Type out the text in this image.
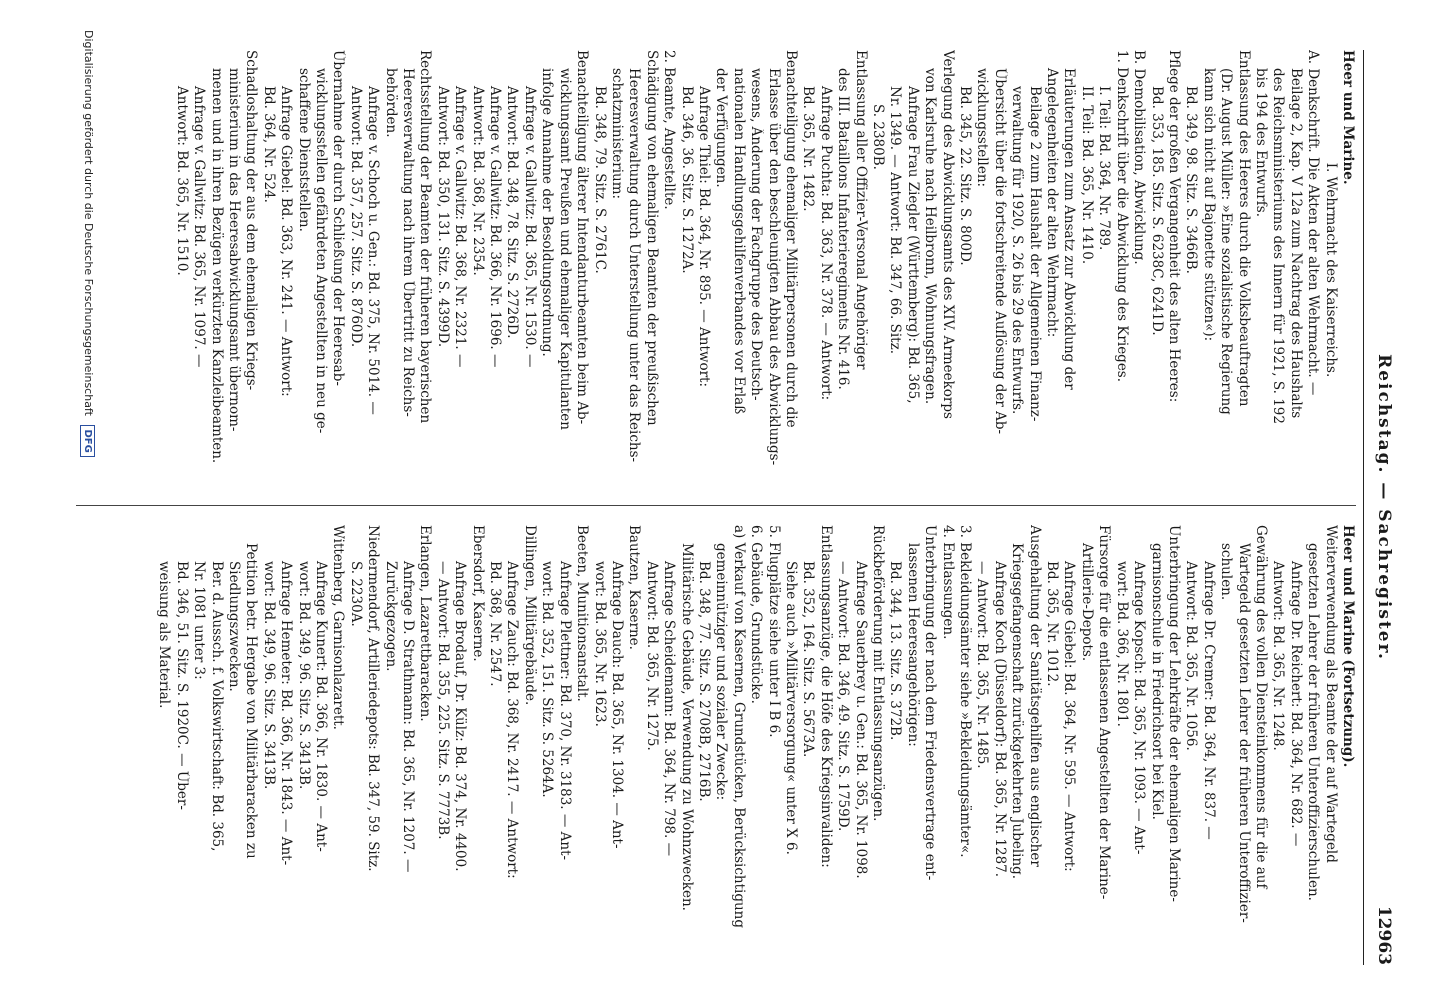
Reichstag. — Sachregister.
12963
Heer und Marine.
I. Wehrmacht des Kaiserreichs.
A. Denkschrift. Die Akten der alten Wehrmacht. —
Beilage 2, Kap. V 12a zum Nachtrag des Haushalts
des Reichsministeriums des Innern für 1921, S. 192
bis 194 des Entwurfs.
Entlassung des Heeres durch die Volksbeauftragten
(Dr. August Müller: »Eine sozialistische Regierung
kann sich nicht auf Bajonette stützen«):
Bd. 349, 98. Sitz. S. 3466B.
Pflege der großen Vergangenheit des alten Heeres:
Bd. 353, 185. Sitz. S. 6238C, 6241D.
B. Demobilisation, Abwicklung.
1. Denkschrift über die Abwicklung des Krieges.
I. Teil: Bd. 364, Nr. 789.
II. Teil: Bd. 365, Nr. 1410.
Erläuterungen zum Ansatz zur Abwicklung der
Angelegenheiten der alten Wehrmacht:
Beilage 2 zum Haushalt der Allgemeinen Finanz-
verwaltung für 1920, S. 26 bis 29 des Entwurfs.
Übersicht über die fortschreitende Auflösung der Ab-
wicklungsstellen:
Bd. 345, 22. Sitz. S. 800D.
Verlegung des Abwicklungsamts des XIV. Armeekorps
von Karlsruhe nach Heilbronn, Wohnungsfragen.
Anfrage Frau Ziegler (Württemberg): Bd. 365,
Nr. 1349. — Antwort: Bd. 347, 66. Sitz.
S. 2380B.
Entlassung aller Offizier-Versonal Angehöriger
des III. Bataillons Infanterieregiments Nr. 416.
Anfrage Puchta: Bd. 363, Nr. 378. — Antwort:
Bd. 365, Nr. 1482.
Benachteiligung ehemaliger Militärpersonen durch die
Erlasse über den beschleunigten Abbau des Abwicklungs-
wesens, Änderung der Fachgruppe des Deutsch-
nationalen Handlungsgehilfenverbandes vor Erlaß
der Verfügungen.
Anfrage Thiel: Bd. 364, Nr. 895. — Antwort:
Bd. 346, 36. Sitz. S. 1272A.
2. Beamte, Angestellte.
Schädigung von ehemaligen Beamten der preußischen
Heeresverwaltung durch Unterstellung unter das Reichs-
schatzministerium:
Bd. 348, 79. Sitz. S. 2761C.
Benachteiligung älterer Intendanturbeamten beim Ab-
wicklungsamt Preußen und ehemaliger Kapitulanten
infolge Annahme der Besoldungsordnung.
Anfrage v. Gallwitz: Bd. 365, Nr. 1530. —
Antwort: Bd. 348, 78. Sitz. S. 2726D.
Anfrage v. Gallwitz: Bd. 366, Nr. 1696. —
Antwort: Bd. 368, Nr. 2354.
Anfrage v. Gallwitz: Bd. 368, Nr. 2321. —
Antwort: Bd. 350, 131. Sitz. S. 4399D.
Rechtsstellung der Beamten der früheren bayerischen
Heeresverwaltung nach ihrem Übertritt zu Reichs-
behörden.
Anfrage v. Schoch u. Gen.: Bd. 375, Nr. 5014. —
Antwort: Bd. 357, 257. Sitz. S. 8760D.
Übernahme der durch Schließung der Heeresab-
wicklungsstellen gefährdeten Angestellten in neu ge-
schaffene Dienststellen.
Anfrage Giebel: Bd. 363, Nr. 241. — Antwort:
Bd. 364, Nr. 524.
Schadloshaltung der aus dem ehemaligen Kriegs-
ministerium in das Heeresabwicklungsamt übernom-
menen und in ihren Bezügen verkürzten Kanzleibeamten.
Anfrage v. Gallwitz: Bd. 365, Nr. 1097. —
Antwort: Bd. 365, Nr. 1510.
Heer und Marine (Fortsetzung).
Weiterverwendung als Beamte der auf Wartegeld
gesetzten Lehrer der früheren Unteroffizierschulen.
Anfrage Dr. Reichert: Bd. 364, Nr. 682. —
Antwort: Bd. 365, Nr. 1248.
Gewährung des vollen Diensteinkommens für die auf
Wartegeld gesetzten Lehrer der früheren Unteroffizier-
schulen.
Anfrage Dr. Cremer: Bd. 364, Nr. 837. —
Antwort: Bd. 365, Nr. 1056.
Unterbringung der Lehrkräfte der ehemaligen Marine-
garnisonschule in Friedrichsort bei Kiel.
Anfrage Kopsch: Bd. 365, Nr. 1093. — Ant-
wort: Bd. 366, Nr. 1801.
Fürsorge für die entlassenen Angestellten der Marine-
Artillerie-Depots.
Anfrage Giebel: Bd. 364, Nr. 595. — Antwort:
Bd. 365, Nr. 1012.
Ausgehaltung der Sanitätsgehilfen aus englischer
Kriegsgefangenschaft zurückgekehrten Jubeling.
Anfrage Koch (Düsseldorf): Bd. 365, Nr. 1287.
— Antwort: Bd. 365, Nr. 1485.
3. Bekleidungsämter siehe »Bekleidungsämter«.
4. Entlassungen.
Unterbringung der nach dem Friedensvertrage ent-
lassenen Heeresangehörigen:
Bd. 344, 13. Sitz. S. 372B.
Rückbeförderung mit Entlassungsanzügen.
Anfrage Sauerbrey u. Gen.: Bd. 365, Nr. 1098.
— Antwort: Bd. 346, 49. Sitz. S. 1759D.
Entlassungsanzüge, die Höfe des Kriegsinvaliden:
Bd. 352, 164. Sitz. S. 5673A.
Siehe auch »Militärversorgung« unter X 6.
5. Flugplätze siehe unter I B 6.
6. Gebäude, Grundstücke.
a) Verkauf von Kasernen, Grundstücken, Berücksichtigung
gemeinnütziger und sozialer Zwecke:
Bd. 348, 77. Sitz. S. 2708B, 2716B.
Militärische Gebäude, Verwendung zu Wohnzwecken.
Anfrage Scheidemann: Bd. 364, Nr. 798. —
Antwort: Bd. 365, Nr. 1275.
Bautzen, Kaserne.
Anfrage Dauch: Bd. 365, Nr. 1304. — Ant-
wort: Bd. 365, Nr. 1623.
Beeten, Munitionsanstalt.
Anfrage Plettner: Bd. 370, Nr. 3183. — Ant-
wort: Bd. 352, 151. Sitz. S. 5264A.
Dillingen, Militärgebäude.
Anfrage Zauch: Bd. 368, Nr. 2417. — Antwort:
Bd. 368, Nr. 2547.
Ebersdorf, Kaserne.
Anfrage Brodauf, Dr. Külz: Bd. 374, Nr. 4400.
— Antwort: Bd. 355, 225. Sitz. S. 7773B.
Erlangen, Lazarettbaracken.
Anfrage D. Strathmann: Bd. 365, Nr. 1207. —
Zurückgezogen.
Niedermendorf, Artilleriedepots: Bd. 347, 59. Sitz.
S. 2230A.
Wittenberg, Garnisonlazarett.
Anfrage Kunert: Bd. 366, Nr. 1830. — Ant-
wort: Bd. 349, 96. Sitz. S. 3413B.
Anfrage Hemeter: Bd. 366, Nr. 1843. — Ant-
wort: Bd. 349, 96. Sitz. S. 3413B.
Petition betr. Hergabe von Militärbaracken zu
Siedlungszwecken.
Ber. d. Aussch. f. Volkswirtschaft: Bd. 365,
Nr. 1081 unter 3:
Bd. 346, 51. Sitz. S. 1920C. — Über-
weisung als Material.
Digitalisierung gefördert durch die Deutsche Forschungsgemeinschaft DFG
